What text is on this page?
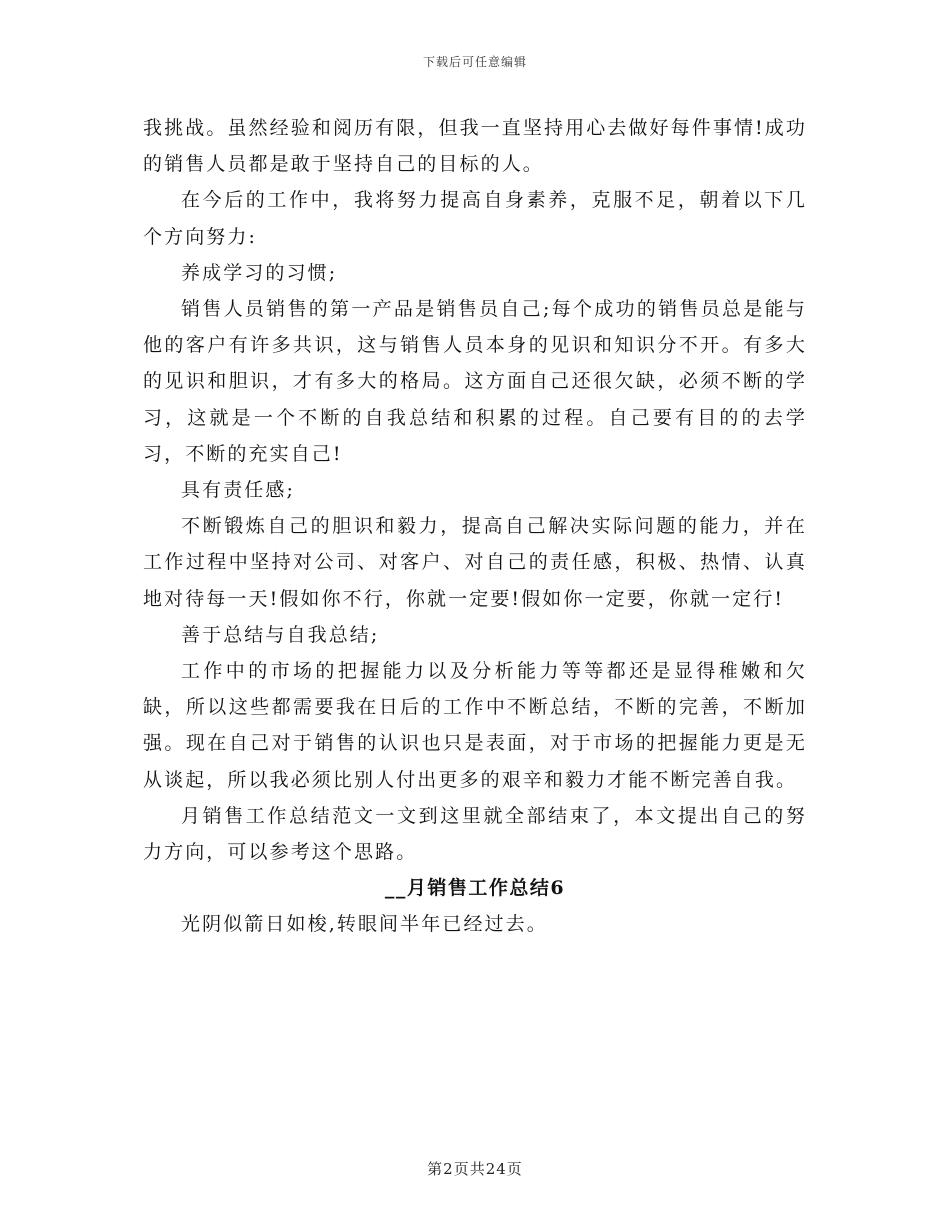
下载后可任意编辑

我挑战。虽然经验和阅历有限，但我一直坚持用心去做好每件事情!成功的销售人员都是敢于坚持自己的目标的人。

在今后的工作中，我将努力提高自身素养，克服不足，朝着以下几个方向努力:

养成学习的习惯;

销售人员销售的第一产品是销售员自己;每个成功的销售员总是能与他的客户有许多共识，这与销售人员本身的见识和知识分不开。有多大的见识和胆识，才有多大的格局。这方面自己还很欠缺，必须不断的学习，这就是一个不断的自我总结和积累的过程。自己要有目的的去学习，不断的充实自己!

具有责任感;

不断锻炼自己的胆识和毅力，提高自己解决实际问题的能力，并在工作过程中坚持对公司、对客户、对自己的责任感，积极、热情、认真地对待每一天!假如你不行，你就一定要!假如你一定要，你就一定行!

善于总结与自我总结;

工作中的市场的把握能力以及分析能力等等都还是显得稚嫩和欠缺，所以这些都需要我在日后的工作中不断总结，不断的完善，不断加强。现在自己对于销售的认识也只是表面，对于市场的把握能力更是无从谈起，所以我必须比别人付出更多的艰辛和毅力才能不断完善自我。

月销售工作总结范文一文到这里就全部结束了，本文提出自己的努力方向，可以参考这个思路。

__月销售工作总结6

光阴似箭日如梭,转眼间半年已经过去。

第2页共24页
